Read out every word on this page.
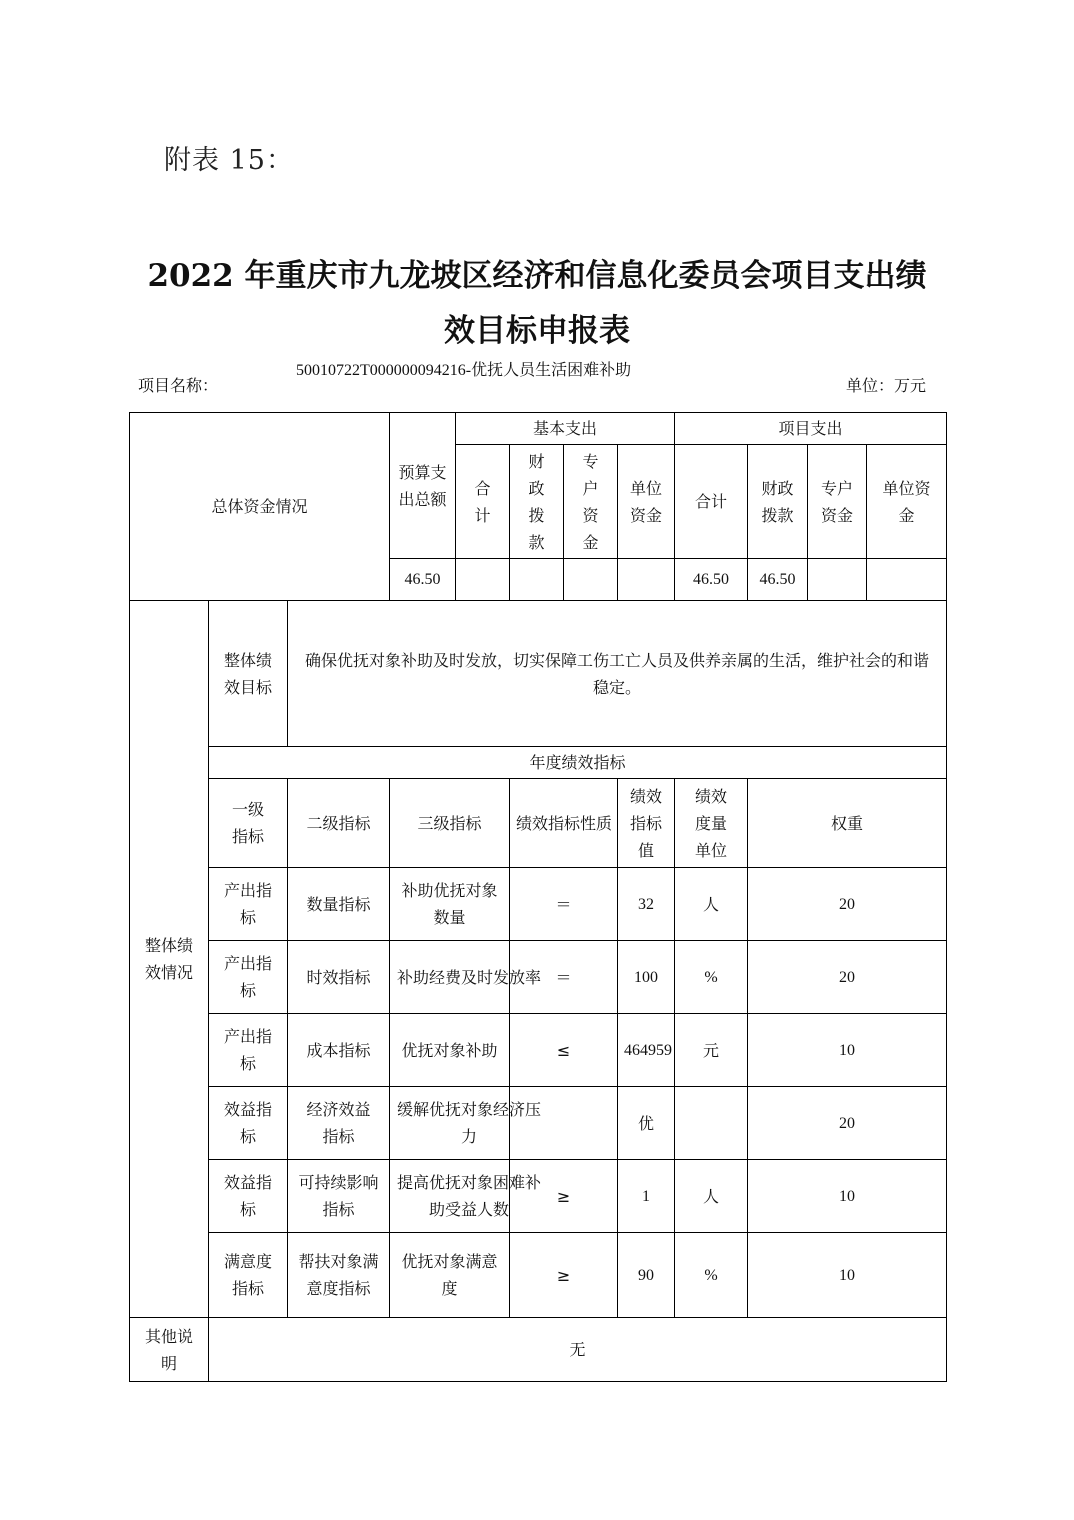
附表 15：
2022 年重庆市九龙坡区经济和信息化委员会项目支出绩
效目标申报表
项目名称：
50010722T000000094216-优抚人员生活困难补助
单位：万元
总体资金情况			预算支出总额	基本支出				项目支出			
				合计	财政拨款	专户资金	单位资金	合计	财政拨款	专户资金	单位资金
			46.50					46.50	46.50		
整体绩效情况	整体绩效目标	确保优抚对象补助及时发放，切实保障工伤工亡人员及供养亲属的生活，维护社会的和谐稳定。									
	年度绩效指标										
	一级指标	二级指标	三级指标		绩效指标性质		绩效指标值	绩效度量单位	权重		
	产出指标	数量指标	补助优抚对象数量		＝		32	人	20		
	产出指标	时效指标	补助经费及时发放率		＝		100	%	20		
	产出指标	成本指标	优抚对象补助		≤		464959	元	10		
	效益指标	经济效益指标	缓解优抚对象经济压力				优		20		
	效益指标	可持续影响指标	提高优抚对象困难补助受益人数		≥		1	人	10		
	满意度指标	帮扶对象满意度指标	优抚对象满意度		≥		90	%	10		
其他说明	无										
